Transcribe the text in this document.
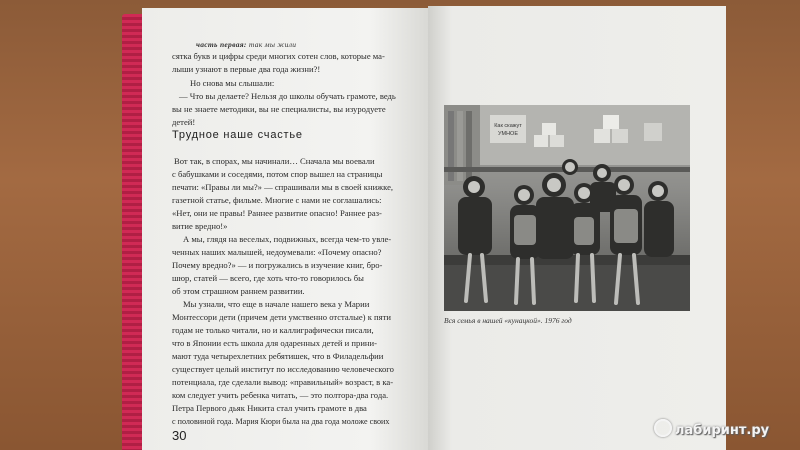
часть первая: так мы жили
сятка букв и цифры среди многих сотен слов, которые ма-
лыши узнают в первые два года жизни?!
Но снова мы слышали:
— Что вы делаете? Нельзя до школы обучать грамоте, ведь
вы не знаете методики, вы не специалисты, вы изуродуете
детей!
Трудное наше счастье
Вот так, в спорах, мы начинали… Сначала мы воевали
с бабушками и соседями, потом спор вышел на страницы
печати: «Правы ли мы?» — спрашивали мы в своей книжке,
газетной статье, фильме. Многие с нами не соглашались:
«Нет, они не правы! Раннее развитие опасно! Раннее раз-
витие вредно!»
А мы, глядя на веселых, подвижных, всегда чем-то увле-
ченных наших малышей, недоумевали: «Почему опасно?
Почему вредно?» — и погружались в изучение книг, бро-
шюр, статей — всего, где хоть что-то говорилось бы
об этом страшном раннем развитии.
Мы узнали, что еще в начале нашего века у Марии
Монтессори дети (причем дети умственно отсталые) к пяти
годам не только читали, но и каллиграфически писали,
что в Японии есть школа для одаренных детей и прини-
мают туда четырехлетних ребятишек, что в Филадельфии
существует целый институт по исследованию человеческого
потенциала, где сделали вывод: «правильный» возраст, в ка-
ком следует учить ребенка читать, — это полтора-два года.
Петра Первого дьяк Никита стал учить грамоте в два
с половиной года. Мария Кюри была на два года моложе своих
30
Как скажут
УМНОЕ
Вся семья в нашей «кунацкой». 1976 год
лабиринт.ру
